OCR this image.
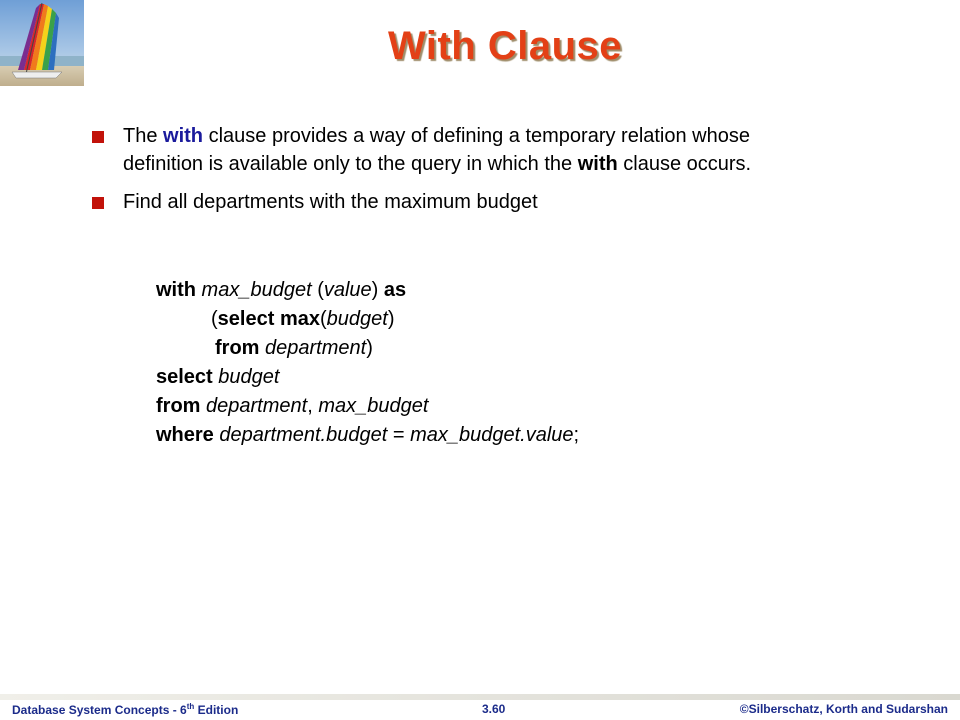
With Clause
The with clause provides a way of defining a temporary relation whose definition is available only to the query in which the with clause occurs.
Find all departments with the maximum budget
with max_budget (value) as
(select max(budget)
from department)
select budget
from department, max_budget
where department.budget = max_budget.value;
Database System Concepts - 6th Edition	3.60	©Silberschatz, Korth and Sudarshan
